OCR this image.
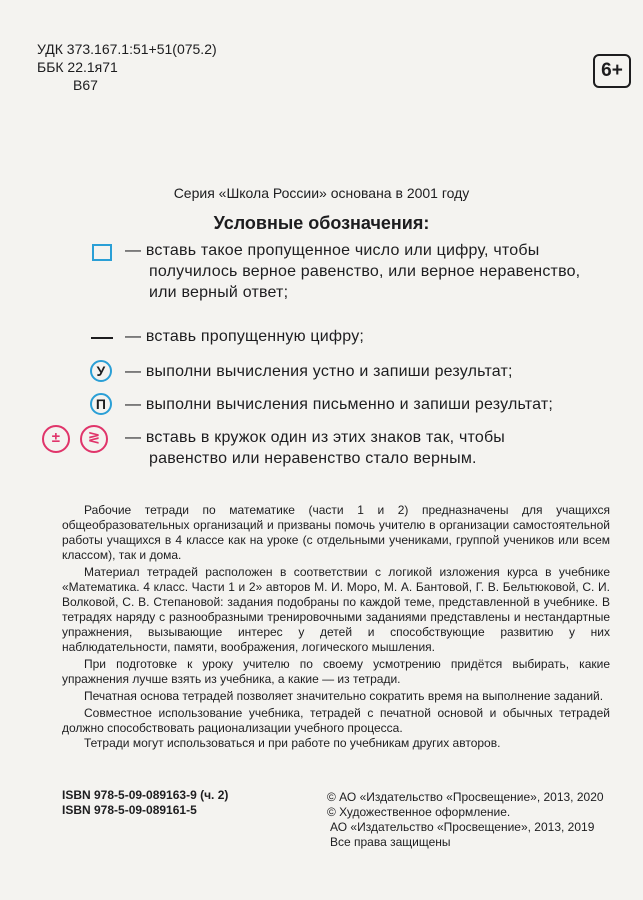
УДК 373.167.1:51+51(075.2)
ББК 22.1я71
В67
6+
Серия «Школа России» основана в 2001 году
Условные обозначения:
— вставь такое пропущенное число или цифру, чтобы
получилось верное равенство, или верное неравенство,
или верный ответ;
— вставь пропущенную цифру;
У	— выполни вычисления устно и запиши результат;
П	— выполни вычисления письменно и запиши результат;
±	≷	— вставь в кружок один из этих знаков так, чтобы
равенство или неравенство стало верным.

Рабочие тетради по математике (части 1 и 2) предназначены для учащихся общеобразовательных организаций и призваны помочь учителю в организации самостоятельной работы учащихся в 4 классе как на уроке (с отдельными учениками, группой учеников или всем классом), так и дома.

Материал тетрадей расположен в соответствии с логикой изложения курса в учебнике «Математика. 4 класс. Части 1 и 2» авторов М. И. Моро, М. А. Бантовой, Г. В. Бельтюковой, С. И. Волковой, С. В. Степановой: задания подобраны по каждой теме, представленной в учебнике. В тетрадях наряду с разнообразными тренировочными заданиями представлены и нестандартные упражнения, вызывающие интерес у детей и способствующие развитию у них наблюдательности, памяти, воображения, логического мышления.

При подготовке к уроку учителю по своему усмотрению придётся выбирать, какие упражнения лучше взять из учебника, а какие — из тетради.

Печатная основа тетрадей позволяет значительно сократить время на выполнение заданий.

Совместное использование учебника, тетрадей с печатной основой и обычных тетрадей должно способствовать рационализации учебного процесса.

Тетради могут использоваться и при работе по учебникам других авторов.

ISBN 978-5-09-089163-9 (ч. 2)
ISBN 978-5-09-089161-5
© АО «Издательство «Просвещение», 2013, 2020
© Художественное оформление.
АО «Издательство «Просвещение», 2013, 2019
Все права защищены
